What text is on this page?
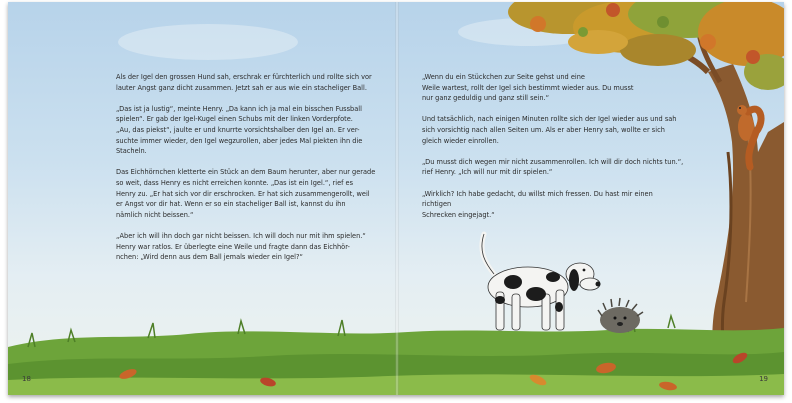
Als der Igel den grossen Hund sah, erschrak er fürchterlich und rollte sich vor
lauter Angst ganz dicht zusammen. Jetzt sah er aus wie ein stacheliger Ball.

„Das ist ja lustig“, meinte Henry. „Da kann ich ja mal ein bisschen Fussball
spielen“. Er gab der Igel-Kugel einen Schubs mit der linken Vorderpfote.
„Au, das piekst“, jaulte er und knurrte vorsichtshalber den Igel an. Er ver-
suchte immer wieder, den Igel wegzurollen, aber jedes Mal piekten ihn die
Stacheln.

Das Eichhörnchen kletterte ein Stück an dem Baum herunter, aber nur gerade
so weit, dass Henry es nicht erreichen konnte. „Das ist ein Igel.“, rief es
Henry zu. „Er hat sich vor dir erschrocken. Er hat sich zusammengerollt, weil
er Angst vor dir hat. Wenn er so ein stacheliger Ball ist, kannst du ihn
nämlich nicht beissen.“

„Aber ich will ihn doch gar nicht beissen. Ich will doch nur mit ihm spielen.“
Henry war ratlos. Er überlegte eine Weile und fragte dann das Eichhör-
nchen: „Wird denn aus dem Ball jemals wieder ein Igel?“

„Wenn du ein Stückchen zur Seite gehst und eine
Weile wartest, rollt der Igel sich bestimmt wieder aus. Du musst
nur ganz geduldig und ganz still sein.“

Und tatsächlich, nach einigen Minuten rollte sich der Igel wieder aus und sah
sich vorsichtig nach allen Seiten um. Als er aber Henry sah, wollte er sich
gleich wieder einrollen.

„Du musst dich wegen mir nicht zusammenrollen. Ich will dir doch nichts tun.“,
rief Henry. „Ich will nur mit dir spielen.“

„Wirklich? Ich habe gedacht, du willst mich fressen. Du hast mir einen richtigen
Schrecken eingejagt.“

18	19
